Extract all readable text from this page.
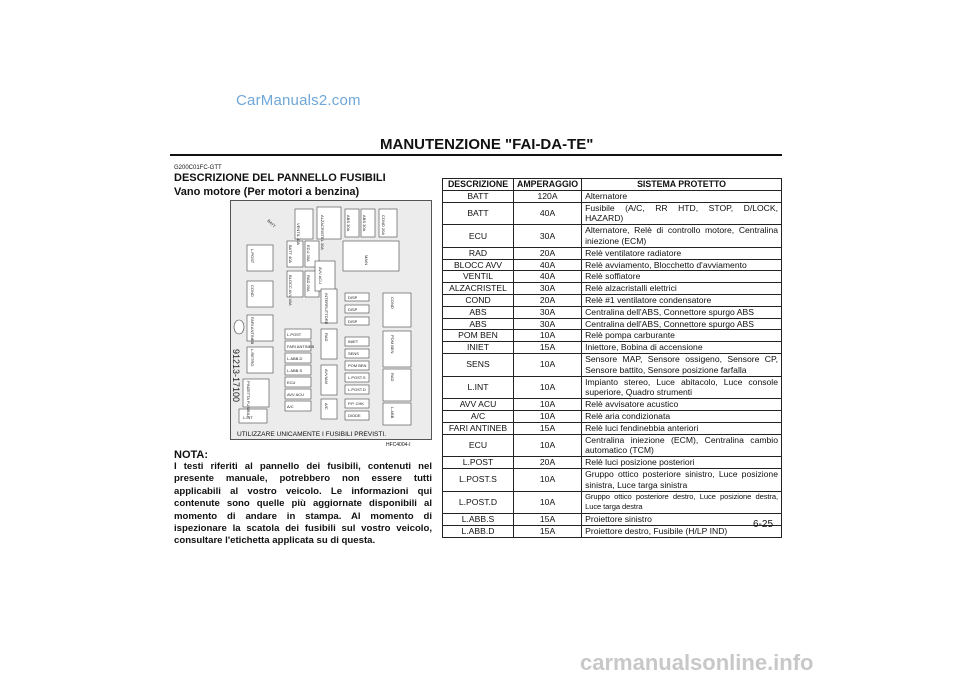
CarManuals2.com
MANUTENZIONE "FAI-DA-TE"
G200C01FC-GTT
DESCRIZIONE DEL PANNELLO FUSIBILI
Vano motore (Per motori a benzina)
VENTIL 40A	ALZACRISTEL 30A	ABS 30A	ABS 30A	COND 20A
BATT 40A	ECU 30A
BLOCC AVV 40A	RAD 20A
MAIN
AVV ACU
BATT
L.POST
COND
FARI ANTINEB
L.RETRO
PINZETTA FUSIBILI
L.INT
L.POST
FARI ANTINEB
L.ABB.D
L.ABB.S
ECU
AVV ACU
A/C
INTERRUTTORE
RAD
AVVIAM
A/C
DISP
DISP
DISP
INIET
SENS
POM BEN
L.POST.S
L.POST.D
P.P. CHK
DIODE
COND
POM BEN
RAD
L.ABB
91213-17100
UTILIZZARE UNICAMENTE I FUSIBILI PREVISTI.
HFC4004-I
NOTA:
I testi riferiti al pannello dei fusibili, contenuti nel presente manuale, potrebbero non essere tutti applicabili al vostro veicolo. Le informazioni qui contenute sono quelle più aggiornate disponibili al momento di andare in stampa. Al momento di ispezionare la scatola dei fusibili sul vostro veicolo, consultare l'etichetta applicata su di questa.
DESCRIZIONE	AMPERAGGIO	SISTEMA PROTETTO
BATT	120A	Alternatore
BATT	40A	Fusibile (A/C, RR HTD, STOP, D/LOCK, HAZARD)
ECU	30A	Alternatore, Relè di controllo motore, Centralina iniezione (ECM)
RAD	20A	Relè ventilatore radiatore
BLOCC AVV	40A	Relè avviamento, Blocchetto d'avviamento
VENTIL	40A	Relè soffiatore
ALZACRISTEL	30A	Relè alzacristalli elettrici
COND	20A	Relè #1 ventilatore condensatore
ABS	30A	Centralina dell'ABS, Connettore spurgo ABS
ABS	30A	Centralina dell'ABS, Connettore spurgo ABS
POM BEN	10A	Relè pompa carburante
INIET	15A	Iniettore, Bobina di accensione
SENS	10A	Sensore MAP, Sensore ossigeno, Sensore CP, Sensore battito, Sensore posizione farfalla
L.INT	10A	Impianto stereo, Luce abitacolo, Luce console superiore, Quadro strumenti
AVV ACU	10A	Relè avvisatore acustico
A/C	10A	Relè aria condizionata
FARI ANTINEB	15A	Relè luci fendinebbia anteriori
ECU	10A	Centralina iniezione (ECM), Centralina cambio automatico (TCM)
L.POST	20A	Relè luci posizione posteriori
L.POST.S	10A	Gruppo ottico posteriore sinistro, Luce posizione sinistra, Luce targa sinistra
L.POST.D	10A	Gruppo ottico posteriore destro, Luce posizione destra, Luce targa destra
L.ABB.S	15A	Proiettore sinistro
L.ABB.D	15A	Proiettore destro, Fusibile (H/LP IND)
6-25
carmanualsonline.info
